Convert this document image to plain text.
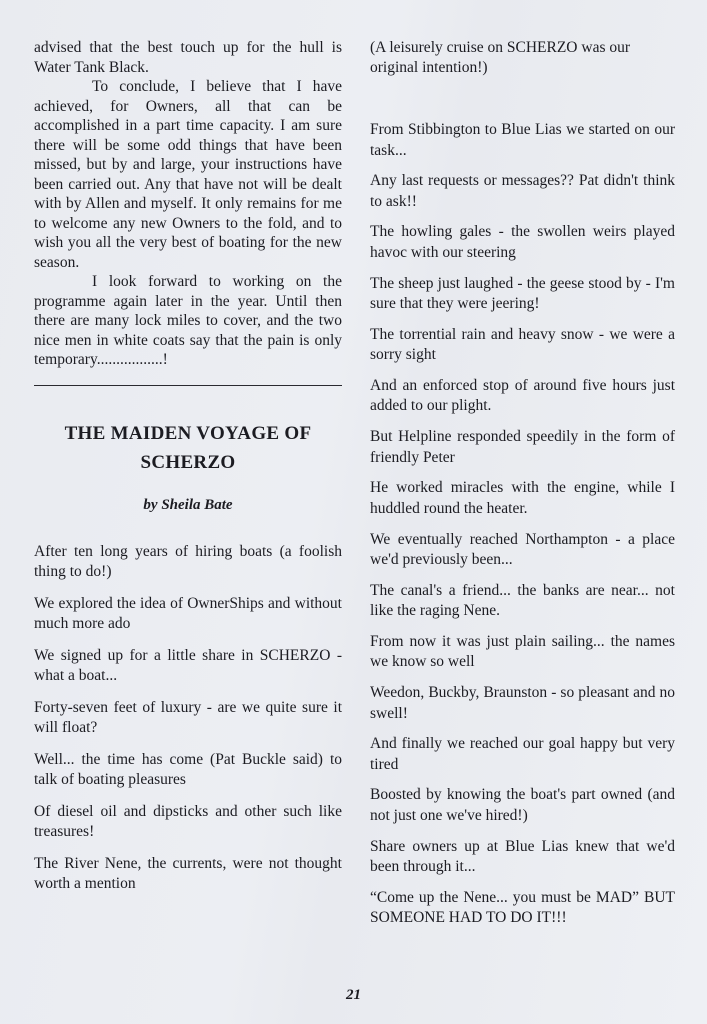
advised that the best touch up for the hull is Water Tank Black.

To conclude, I believe that I have achieved, for Owners, all that can be accomplished in a part time capacity. I am sure there will be some odd things that have been missed, but by and large, your instructions have been carried out. Any that have not will be dealt with by Allen and myself. It only remains for me to welcome any new Owners to the fold, and to wish you all the very best of boating for the new season.

I look forward to working on the programme again later in the year. Until then there are many lock miles to cover, and the two nice men in white coats say that the pain is only temporary.................!

THE MAIDEN VOYAGE OF SCHERZO

by Sheila Bate

After ten long years of hiring boats (a foolish thing to do!)
We explored the idea of OwnerShips and without much more ado
We signed up for a little share in SCHERZO - what a boat...
Forty-seven feet of luxury - are we quite sure it will float?
Well... the time has come (Pat Buckle said) to talk of boating pleasures
Of diesel oil and dipsticks and other such like treasures!
The River Nene, the currents, were not thought worth a mention

(A leisurely cruise on SCHERZO was our original intention!)

From Stibbington to Blue Lias we started on our task...
Any last requests or messages?? Pat didn't think to ask!!
The howling gales - the swollen weirs played havoc with our steering
The sheep just laughed - the geese stood by - I'm sure that they were jeering!
The torrential rain and heavy snow - we were a sorry sight
And an enforced stop of around five hours just added to our plight.
But Helpline responded speedily in the form of friendly Peter
He worked miracles with the engine, while I huddled round the heater.
We eventually reached Northampton - a place we'd previously been...
The canal's a friend... the banks are near... not like the raging Nene.
From now it was just plain sailing... the names we know so well
Weedon, Buckby, Braunston - so pleasant and no swell!
And finally we reached our goal happy but very tired
Boosted by knowing the boat's part owned (and not just one we've hired!)
Share owners up at Blue Lias knew that we'd been through it...
“Come up the Nene... you must be MAD” BUT SOMEONE HAD TO DO IT!!!
21
